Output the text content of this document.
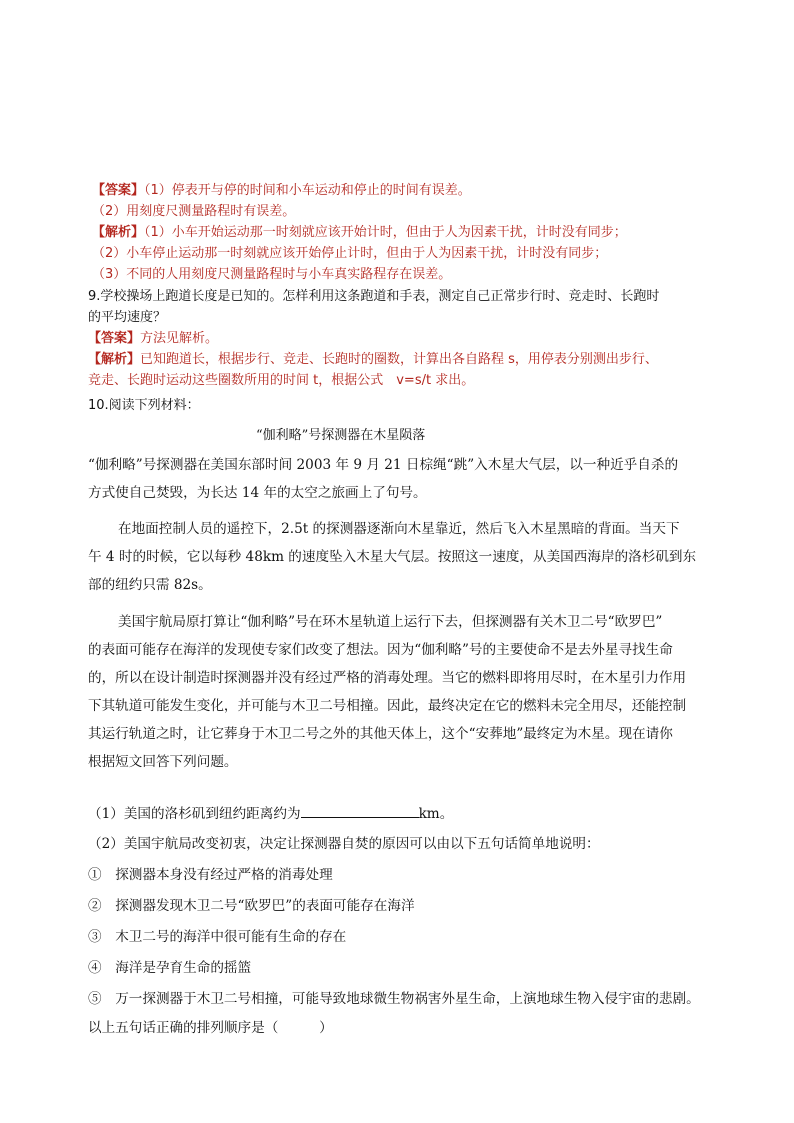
【答案】（1）停表开与停的时间和小车运动和停止的时间有误差。
（2）用刻度尺测量路程时有误差。
【解析】（1）小车开始运动那一时刻就应该开始计时，但由于人为因素干扰，计时没有同步；
（2）小车停止运动那一时刻就应该开始停止计时，但由于人为因素干扰，计时没有同步；
（3）不同的人用刻度尺测量路程时与小车真实路程存在误差。
9.学校操场上跑道长度是已知的。怎样利用这条跑道和手表，测定自己正常步行时、竞走时、长跑时
的平均速度？
【答案】方法见解析。
【解析】已知跑道长，根据步行、竞走、长跑时的圈数，计算出各自路程 s，用停表分别测出步行、
竞走、长跑时运动这些圈数所用的时间 t，根据公式　v=s/t 求出。
10.阅读下列材料：
“伽利略”号探测器在木星陨落
“伽利略”号探测器在美国东部时间 2003 年 9 月 21 日棕绳“跳”入木星大气层，以一种近乎自杀的
方式使自己焚毁，为长达 14 年的太空之旅画上了句号。
在地面控制人员的遥控下，2.5t 的探测器逐渐向木星靠近，然后飞入木星黑暗的背面。当天下
午 4 时的时候，它以每秒 48km 的速度坠入木星大气层。按照这一速度，从美国西海岸的洛杉矶到东
部的纽约只需 82s。
美国宇航局原打算让“伽利略”号在环木星轨道上运行下去，但探测器有关木卫二号“欧罗巴”
的表面可能存在海洋的发现使专家们改变了想法。因为“伽利略”号的主要使命不是去外星寻找生命
的，所以在设计制造时探测器并没有经过严格的消毒处理。当它的燃料即将用尽时，在木星引力作用
下其轨道可能发生变化，并可能与木卫二号相撞。因此，最终决定在它的燃料未完全用尽，还能控制
其运行轨道之时，让它葬身于木卫二号之外的其他天体上，这个“安葬地”最终定为木星。现在请你
根据短文回答下列问题。
（1）美国的洛杉矶到纽约距离约为	km。
（2）美国宇航局改变初衷，决定让探测器自焚的原因可以由以下五句话简单地说明：
①　 探测器本身没有经过严格的消毒处理
②　 探测器发现木卫二号“欧罗巴”的表面可能存在海洋
③　 木卫二号的海洋中很可能有生命的存在
④　 海洋是孕育生命的摇篮
⑤　 万一探测器于木卫二号相撞，可能导致地球微生物祸害外星生命，上演地球生物入侵宇宙的悲剧。
以上五句话正确的排列顺序是（　　　）
